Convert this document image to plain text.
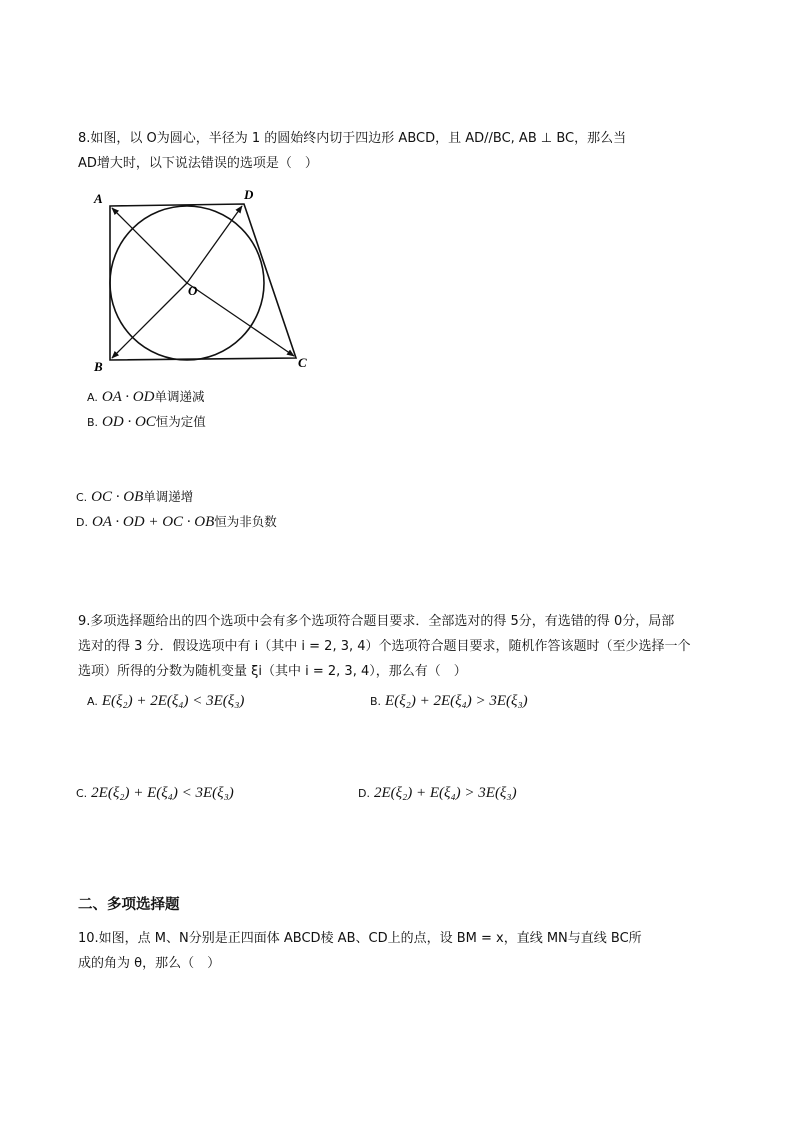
8.如图，以 O为圆心，半径为 1 的圆始终内切于四边形 ABCD，且 AD//BC, AB ⊥ BC，那么当
AD增大时，以下说法错误的选项是（　）
A	D
O
B	C
A. OA · OD单调递减
B. OD · OC恒为定值
C. OC · OB单调递增
D. OA · OD + OC · OB恒为非负数
9.多项选择题给出的四个选项中会有多个选项符合题目要求．全部选对的得 5分，有选错的得 0分，局部
选对的得 3 分．假设选项中有 i（其中 i = 2, 3, 4）个选项符合题目要求，随机作答该题时（至少选择一个
选项）所得的分数为随机变量 ξi（其中 i = 2, 3, 4），那么有（　）
A. E(ξ₂) + 2E(ξ₄) < 3E(ξ₃)	B. E(ξ₂) + 2E(ξ₄) > 3E(ξ₃)
C. 2E(ξ₂) + E(ξ₄) < 3E(ξ₃)	D. 2E(ξ₂) + E(ξ₄) > 3E(ξ₃)
二、多项选择题
10.如图，点 M、N分别是正四面体 ABCD棱 AB、CD上的点，设 BM = x，直线 MN与直线 BC所
成的角为 θ，那么（　）
